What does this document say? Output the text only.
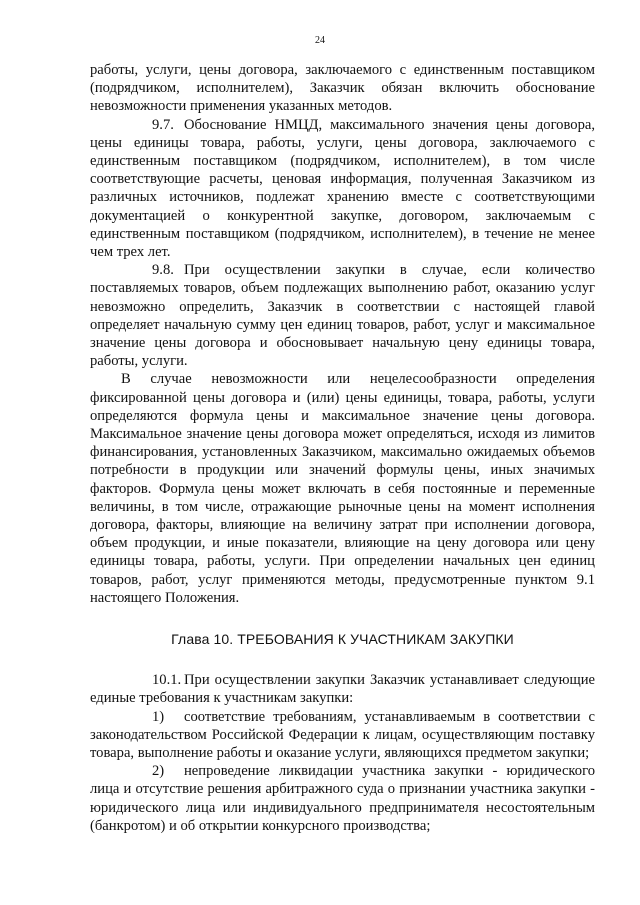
24

работы, услуги, цены договора, заключаемого с единственным поставщиком (подрядчиком, исполнителем), Заказчик обязан включить обоснование невозможности применения указанных методов.

9.7. Обоснование НМЦД, максимального значения цены договора, цены единицы товара, работы, услуги, цены договора, заключаемого с единственным поставщиком (подрядчиком, исполнителем), в том числе соответствующие расчеты, ценовая информация, полученная Заказчиком из различных источников, подлежат хранению вместе с соответствующими документацией о конкурентной закупке, договором, заключаемым с единственным поставщиком (подрядчиком, исполнителем), в течение не менее чем трех лет.

9.8. При осуществлении закупки в случае, если количество поставляемых товаров, объем подлежащих выполнению работ, оказанию услуг невозможно определить, Заказчик в соответствии с настоящей главой определяет начальную сумму цен единиц товаров, работ, услуг и максимальное значение цены договора и обосновывает начальную цену единицы товара, работы, услуги.

В случае невозможности или нецелесообразности определения фиксированной цены договора и (или) цены единицы, товара, работы, услуги определяются формула цены и максимальное значение цены договора. Максимальное значение цены договора может определяться, исходя из лимитов финансирования, установленных Заказчиком, максимально ожидаемых объемов потребности в продукции или значений формулы цены, иных значимых факторов. Формула цены может включать в себя постоянные и переменные величины, в том числе, отражающие рыночные цены на момент исполнения договора, факторы, влияющие на величину затрат при исполнении договора, объем продукции, и иные показатели, влияющие на цену договора или цену единицы товара, работы, услуги. При определении начальных цен единиц товаров, работ, услуг применяются методы, предусмотренные пунктом 9.1 настоящего Положения.

Глава 10. ТРЕБОВАНИЯ К УЧАСТНИКАМ ЗАКУПКИ

10.1. При осуществлении закупки Заказчик устанавливает следующие единые требования к участникам закупки:

1) соответствие требованиям, устанавливаемым в соответствии с законодательством Российской Федерации к лицам, осуществляющим поставку товара, выполнение работы и оказание услуги, являющихся предметом закупки;

2) непроведение ликвидации участника закупки - юридического лица и отсутствие решения арбитражного суда о признании участника закупки - юридического лица или индивидуального предпринимателя несостоятельным (банкротом) и об открытии конкурсного производства;
